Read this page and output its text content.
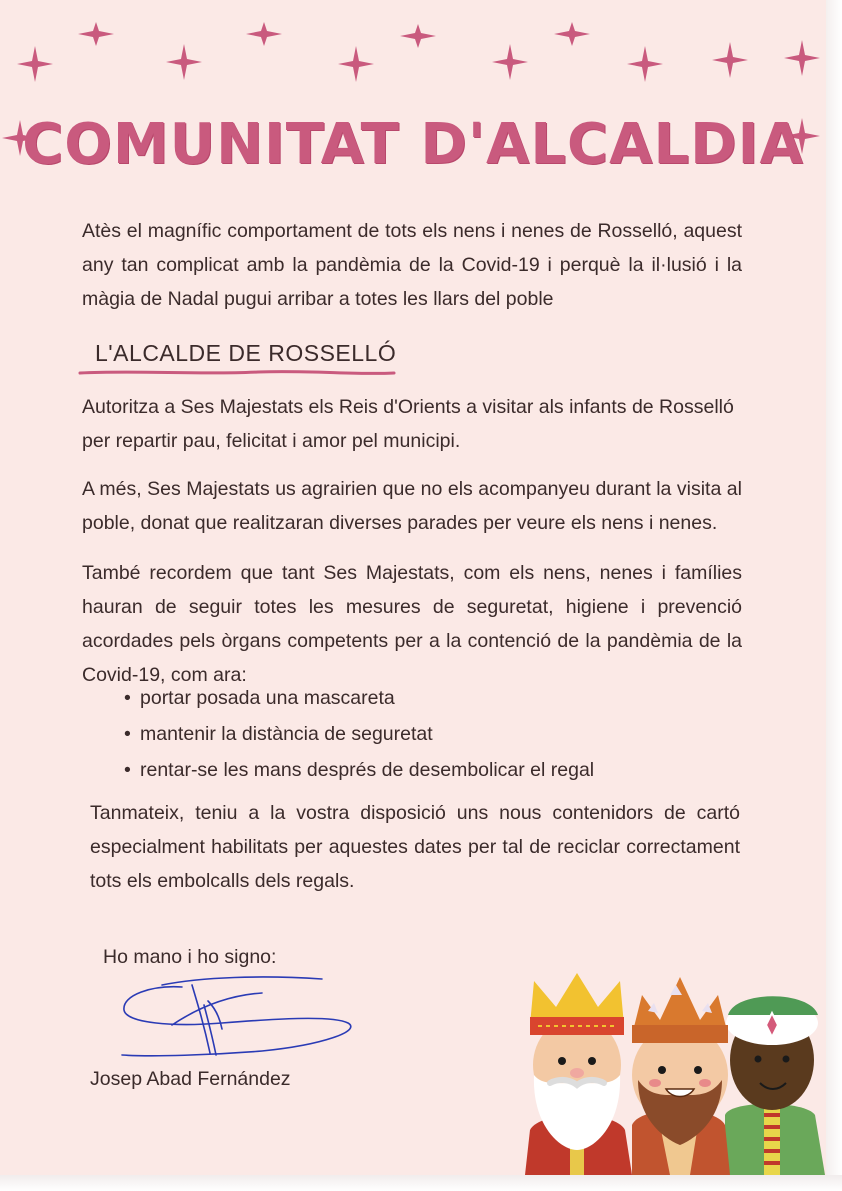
COMUNITAT D'ALCALDIA
Atès el magnífic comportament de tots els nens i nenes de Rosselló, aquest any tan complicat amb la pandèmia de la Covid-19 i perquè la il·lusió i la màgia de Nadal pugui arribar a totes les llars del poble
L'ALCALDE DE ROSSELLÓ
Autoritza a Ses Majestats els Reis d'Orients a visitar als infants de Rosselló per repartir pau, felicitat i amor pel municipi.
A més, Ses Majestats us agrairien que no els acompanyeu durant la visita al poble, donat que realitzaran diverses parades per veure els nens i nenes.
També recordem que tant Ses Majestats, com els nens, nenes i famílies hauran de seguir totes les mesures de seguretat, higiene i prevenció acordades pels òrgans competents per a la contenció de la pandèmia de la Covid-19, com ara:
• portar posada una mascareta
• mantenir la distància de seguretat
• rentar-se les mans després de desembolicar el regal
Tanmateix, teniu a la vostra disposició uns nous contenidors de cartó especialment habilitats per aquestes dates per tal de reciclar correctament tots els embolcalls dels regals.
Ho mano i ho signo:
Josep Abad Fernández
